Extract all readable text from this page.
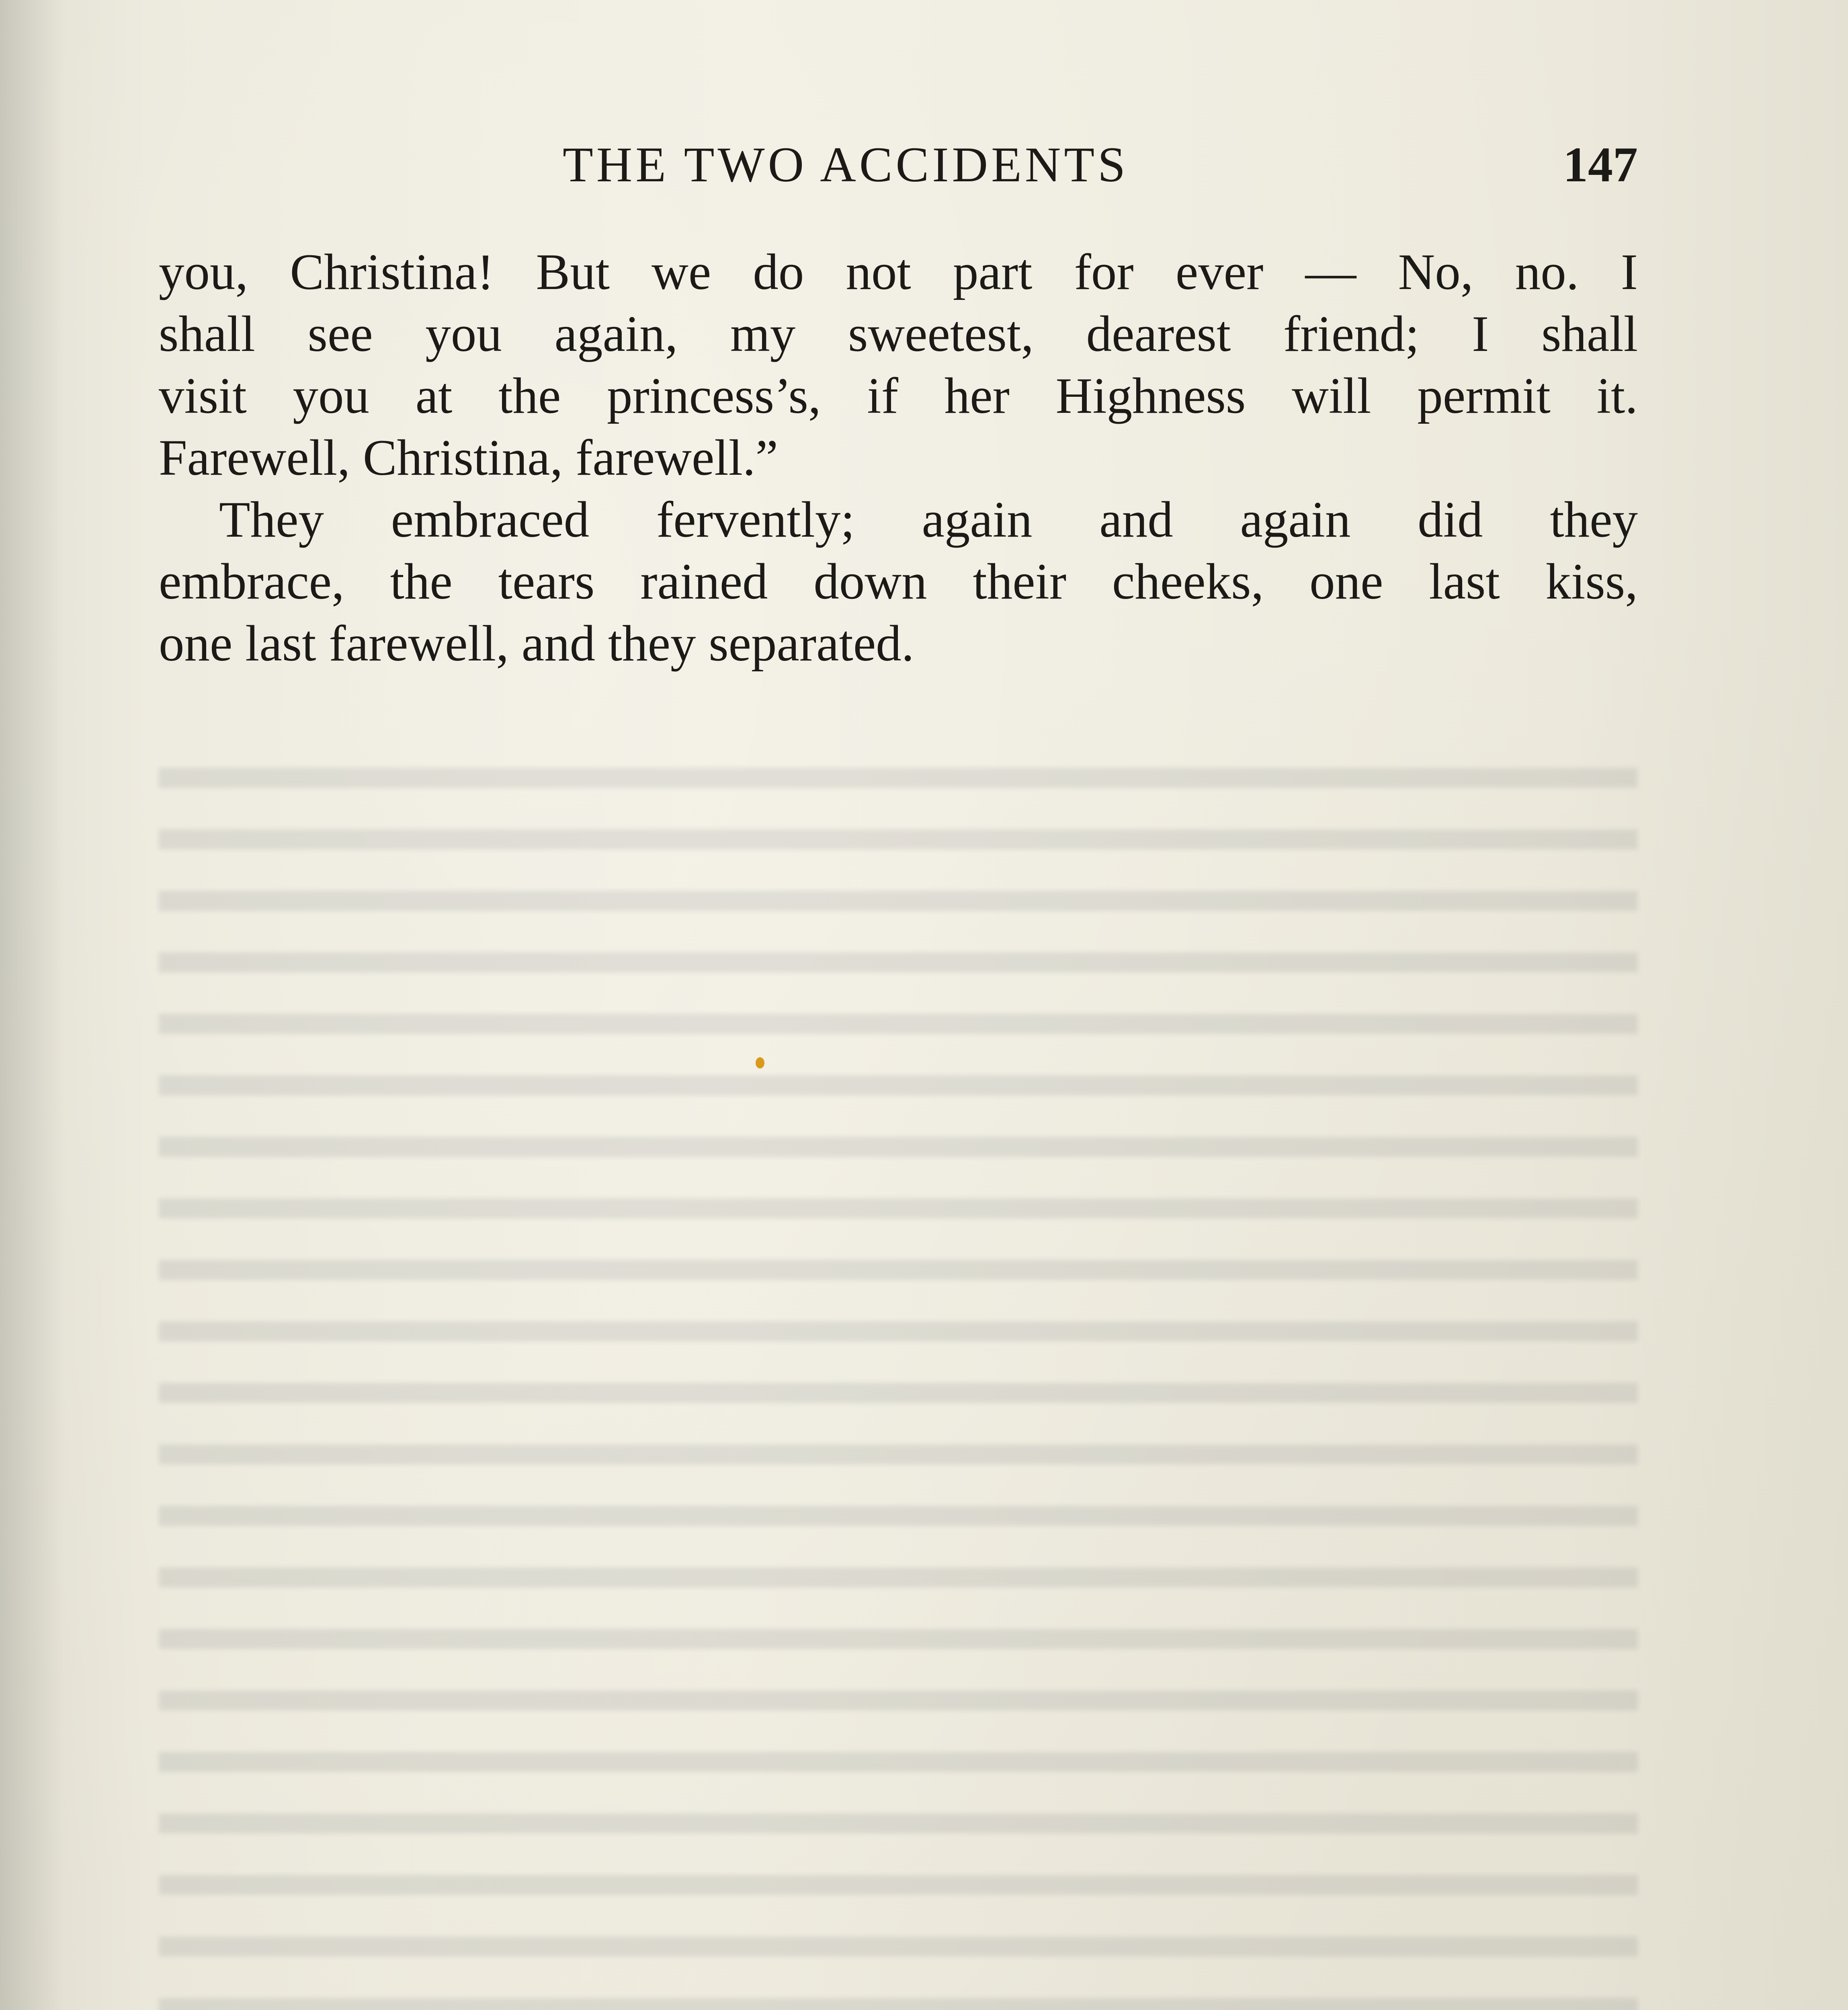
THE TWO ACCIDENTS	147
you, Christina! But we do not part for ever — No, no. I
shall see you again, my sweetest, dearest friend; I shall
visit you at the princess’s, if her Highness will permit it.
Farewell, Christina, farewell.”
They embraced fervently; again and again did they
embrace, the tears rained down their cheeks, one last kiss,
one last farewell, and they separated.
